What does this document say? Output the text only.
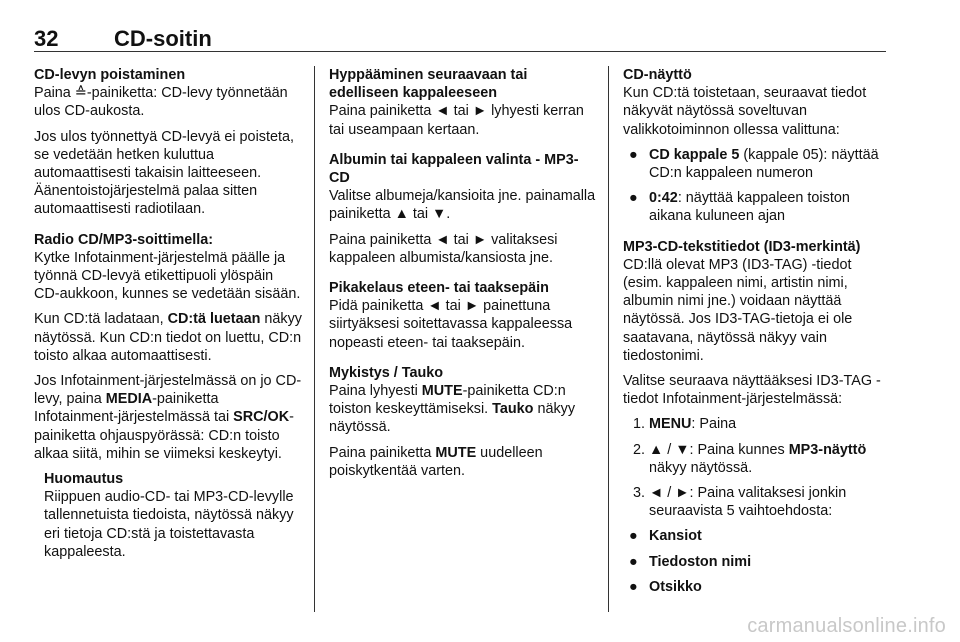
32	CD-soitin

CD-levyn poistaminen

Paina ≙-painiketta: CD-levy työnnetään ulos CD-aukosta.

Jos ulos työnnettyä CD-levyä ei poisteta, se vedetään hetken kuluttua automaattisesti takaisin laitteeseen. Äänentoistojärjestelmä palaa sitten automaattisesti radiotilaan.

Radio CD/MP3-soittimella:

Kytke Infotainment-järjestelmä päälle ja työnnä CD-levyä etikettipuoli ylöspäin CD-aukkoon, kunnes se vedetään sisään.

Kun CD:tä ladataan, CD:tä luetaan näkyy näytössä. Kun CD:n tiedot on luettu, CD:n toisto alkaa automaattisesti.

Jos Infotainment-järjestelmässä on jo CD-levy, paina MEDIA-painiketta Infotainment-järjestelmässä tai SRC/OK-painiketta ohjauspyörässä: CD:n toisto alkaa siitä, mihin se viimeksi keskeytyi.

Huomautus

Riippuen audio-CD- tai MP3-CD-levylle tallennetuista tiedoista, näytössä näkyy eri tietoja CD:stä ja toistettavasta kappaleesta.

Hyppääminen seuraavaan tai edelliseen kappaleeseen

Paina painiketta ◄ tai ► lyhyesti kerran tai useampaan kertaan.

Albumin tai kappaleen valinta - MP3-CD

Valitse albumeja/kansioita jne. painamalla painiketta ▲ tai ▼.

Paina painiketta ◄ tai ► valitaksesi kappaleen albumista/kansiosta jne.

Pikakelaus eteen- tai taaksepäin

Pidä painiketta ◄ tai ► painettuna siirtyäksesi soitettavassa kappaleessa nopeasti eteen- tai taaksepäin.

Mykistys / Tauko

Paina lyhyesti MUTE-painiketta CD:n toiston keskeyttämiseksi. Tauko näkyy näytössä.

Paina painiketta MUTE uudelleen poiskytkentää varten.

CD-näyttö

Kun CD:tä toistetaan, seuraavat tiedot näkyvät näytössä soveltuvan valikkotoiminnon ollessa valittuna:

● CD kappale 5 (kappale 05): näyttää CD:n kappaleen numeron
● 0:42: näyttää kappaleen toiston aikana kuluneen ajan

MP3-CD-tekstitiedot (ID3-merkintä)

CD:llä olevat MP3 (ID3-TAG) -tiedot (esim. kappaleen nimi, artistin nimi, albumin nimi jne.) voidaan näyttää näytössä. Jos ID3-TAG-tietoja ei ole saatavana, näytössä näkyy vain tiedostonimi.

Valitse seuraava näyttääksesi ID3-TAG -tiedot Infotainment-järjestelmässä:

1. MENU: Paina
2. ▲ / ▼: Paina kunnes MP3-näyttö näkyy näytössä.
3. ◄ / ►: Paina valitaksesi jonkin seuraavista 5 vaihtoehdosta:
● Kansiot
● Tiedoston nimi
● Otsikko
carmanualsonline.info
